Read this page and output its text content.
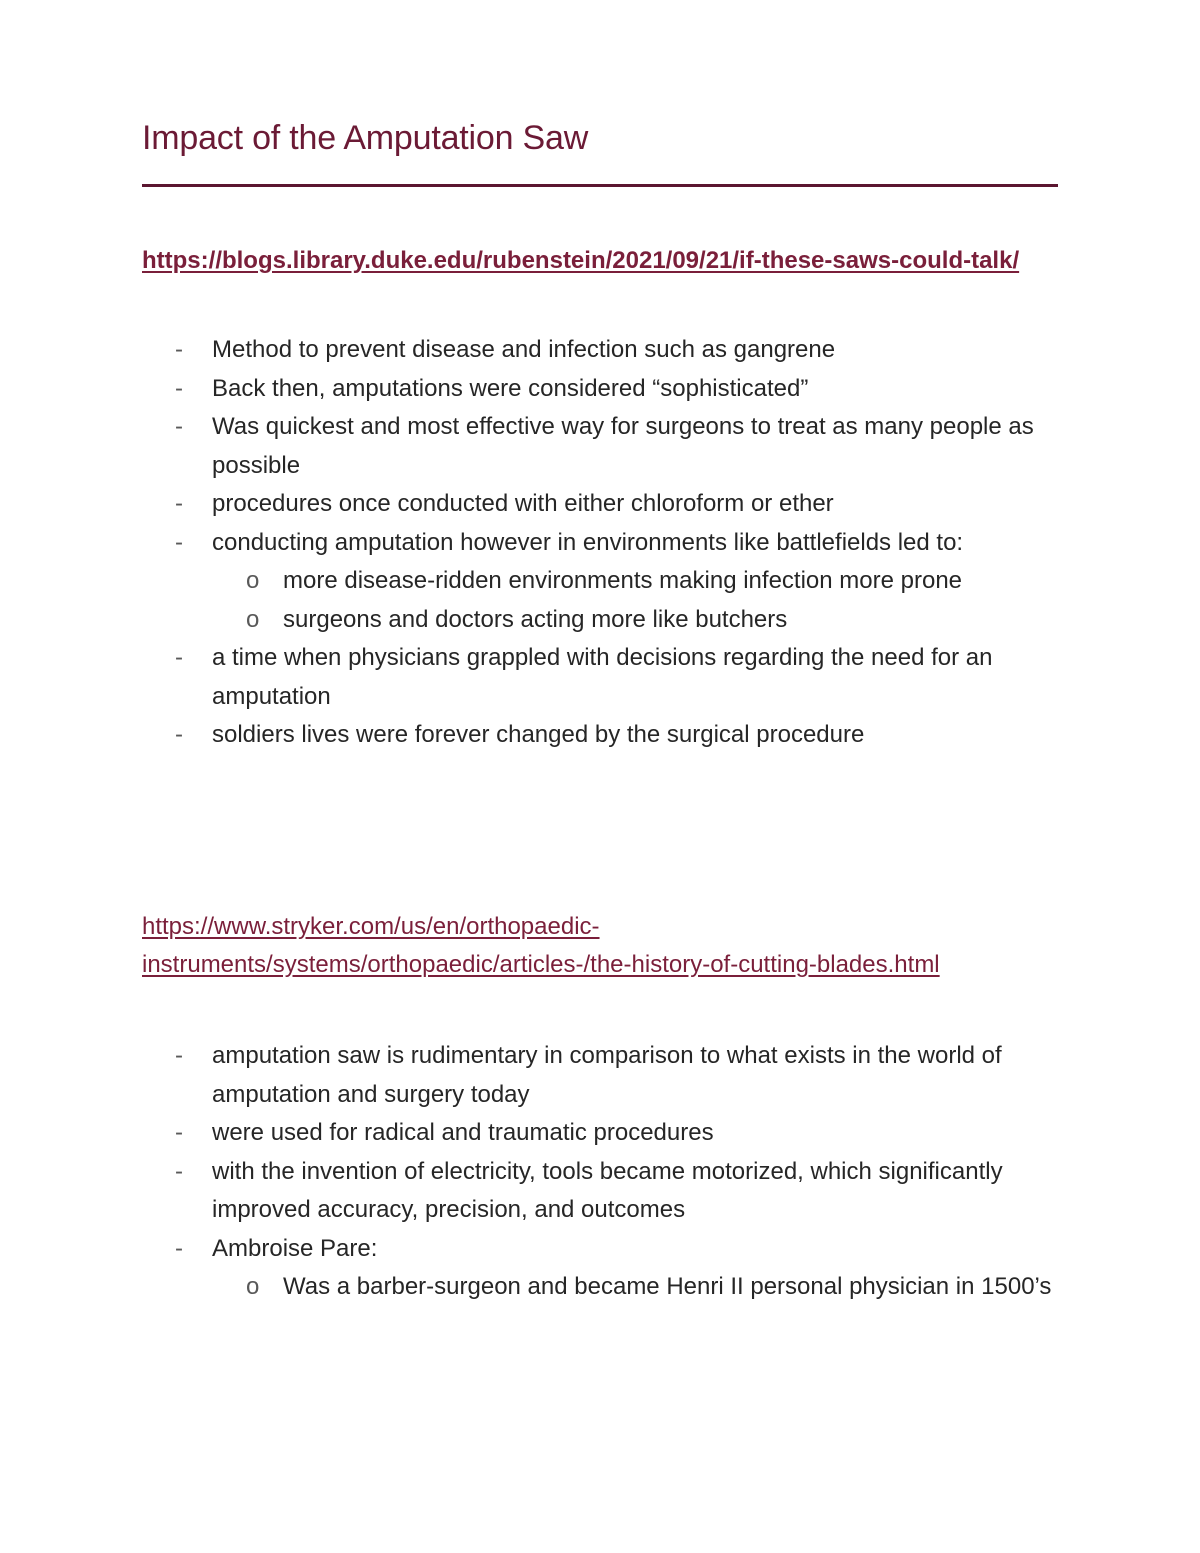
Impact of the Amputation Saw
https://blogs.library.duke.edu/rubenstein/2021/09/21/if-these-saws-could-talk/
- Method to prevent disease and infection such as gangrene
- Back then, amputations were considered “sophisticated”
- Was quickest and most effective way for surgeons to treat as many people as possible
- procedures once conducted with either chloroform or ether
- conducting amputation however in environments like battlefields led to:
o more disease-ridden environments making infection more prone
o surgeons and doctors acting more like butchers
- a time when physicians grappled with decisions regarding the need for an amputation
- soldiers lives were forever changed by the surgical procedure
https://www.stryker.com/us/en/orthopaedic-instruments/systems/orthopaedic/articles-/the-history-of-cutting-blades.html
- amputation saw is rudimentary in comparison to what exists in the world of amputation and surgery today
- were used for radical and traumatic procedures
- with the invention of electricity, tools became motorized, which significantly improved accuracy, precision, and outcomes
- Ambroise Pare:
o Was a barber-surgeon and became Henri II personal physician in 1500’s
